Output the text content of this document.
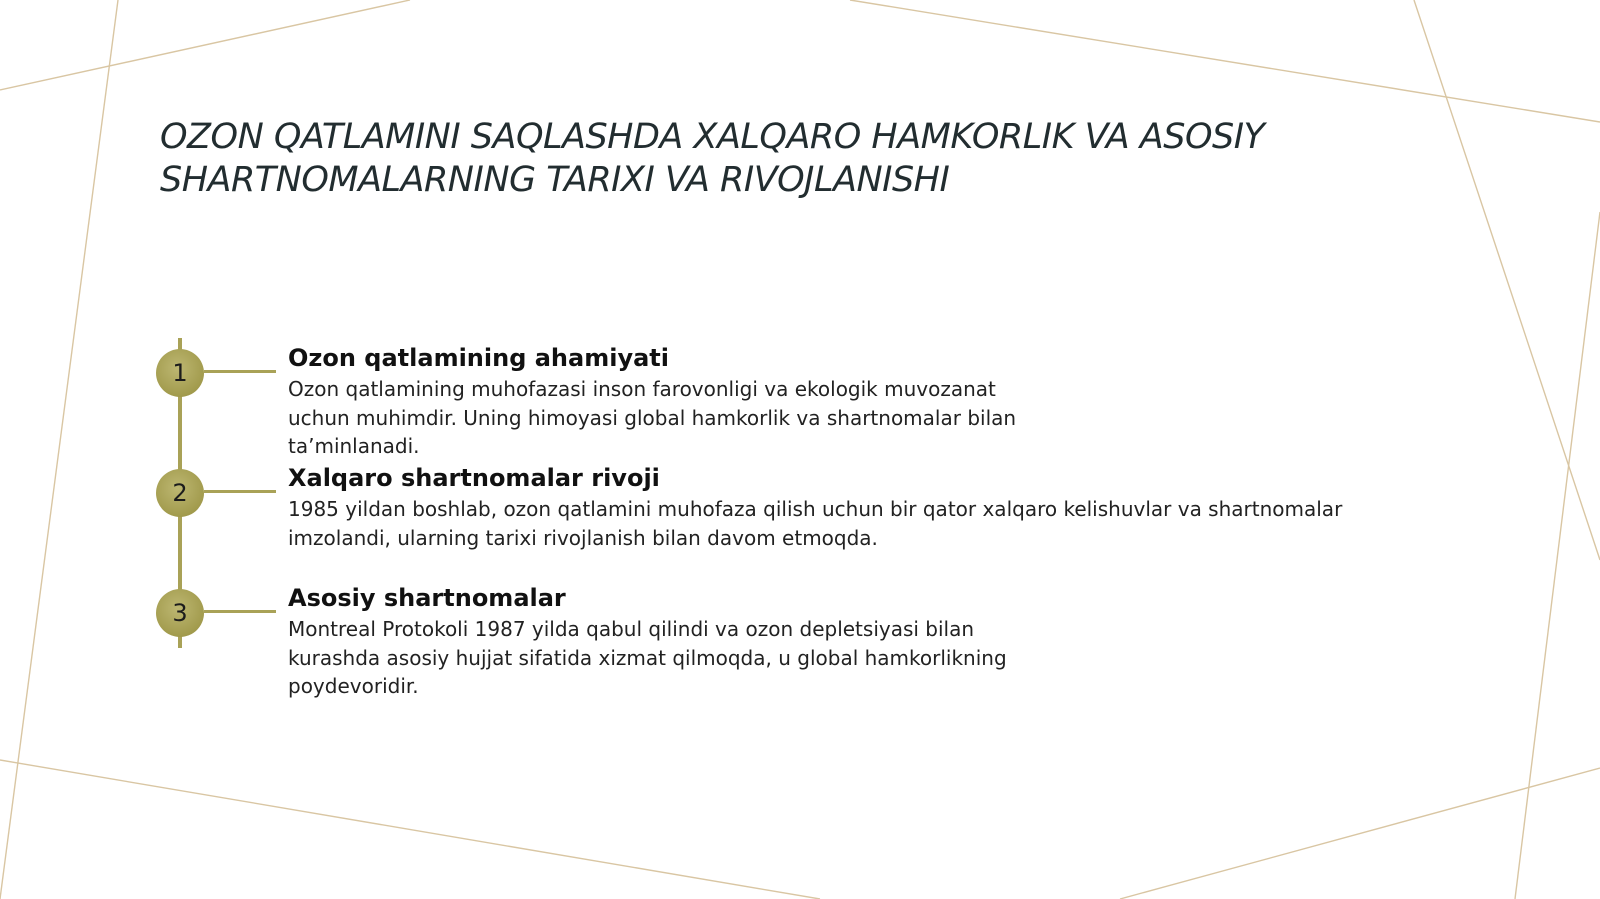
OZON QATLAMINI SAQLASHDA XALQARO HAMKORLIK VA ASOSIY
SHARTNOMALARNING TARIXI VA RIVOJLANISHI
1
Ozon qatlamining ahamiyati

Ozon qatlamining muhofazasi inson farovonligi va ekologik muvozanat
uchun muhimdir. Uning himoyasi global hamkorlik va shartnomalar bilan
ta’minlanadi.

2
Xalqaro shartnomalar rivoji

1985 yildan boshlab, ozon qatlamini muhofaza qilish uchun bir qator xalqaro kelishuvlar va shartnomalar
imzolandi, ularning tarixi rivojlanish bilan davom etmoqda.

3
Asosiy shartnomalar

Montreal Protokoli 1987 yilda qabul qilindi va ozon depletsiyasi bilan
kurashda asosiy hujjat sifatida xizmat qilmoqda, u global hamkorlikning
poydevoridir.
